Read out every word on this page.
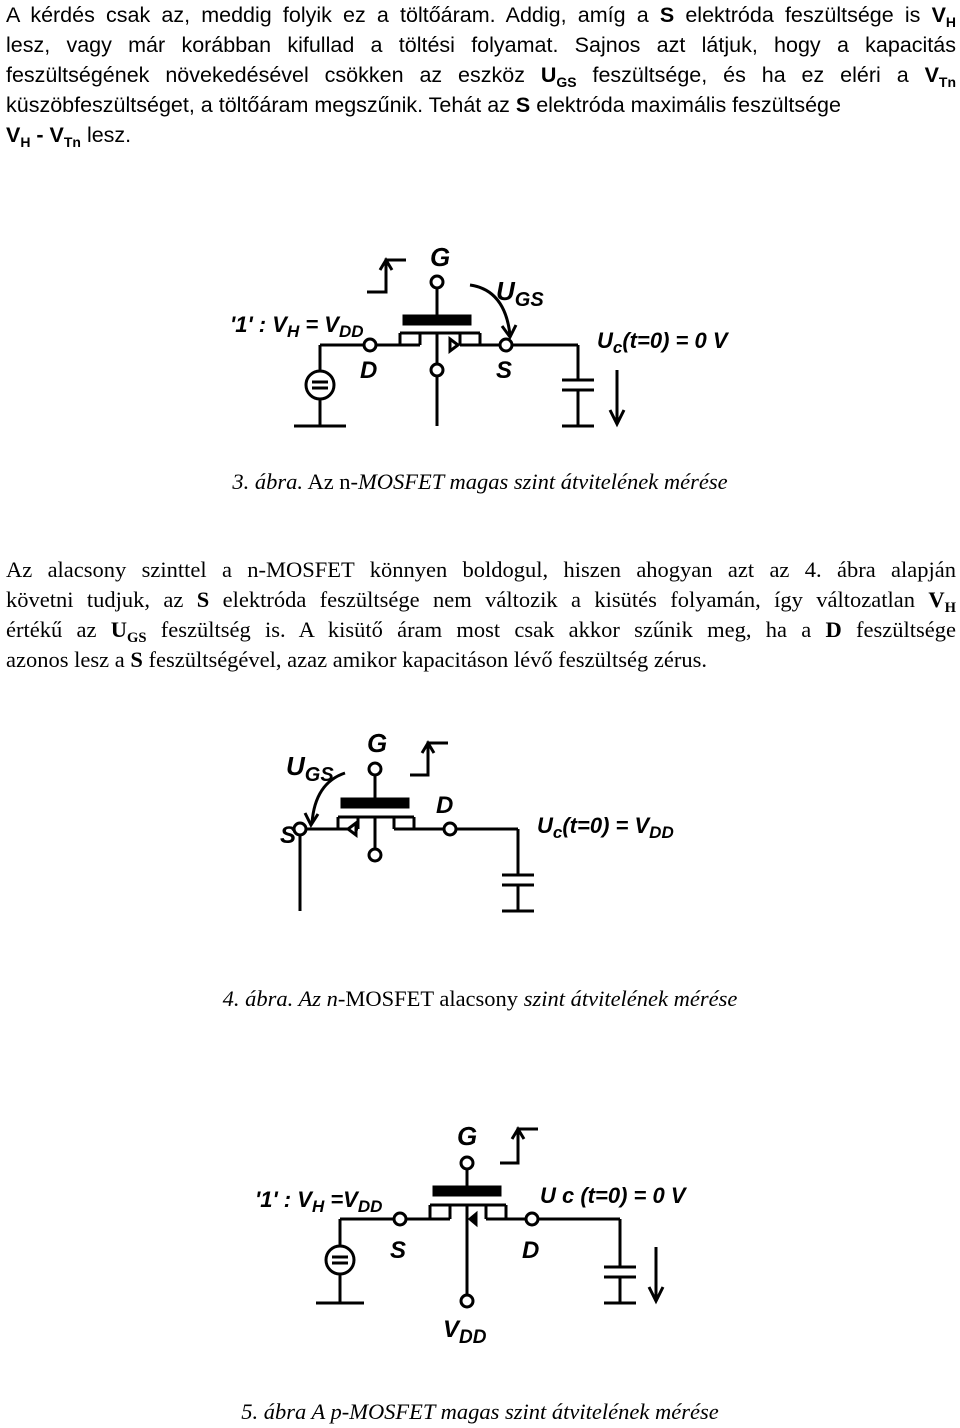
A kérdés csak az, meddig folyik ez a töltőáram. Addig, amíg a S elektróda feszültsége is $V_H$
lesz, vagy már korábban kifullad a töltési folyamat. Sajnos azt látjuk, hogy a kapacitás
feszültségének növekedésével csökken az eszköz $U_{GS}$ feszültsége, és ha ez eléri a $V_{Tn}$
küszöbfeszültséget, a töltőáram megszűnik. Tehát az S elektróda maximális feszültsége
$V_H - V_{Tn}$ lesz.
G
$U_{GS}$
'1' : $V_H = V_{DD}$
D	S
$U_c(t=0) = 0$ V
3. ábra. Az n-MOSFET magas szint átvitelének mérése
Az alacsony szinttel a n-MOSFET könnyen boldogul, hiszen ahogyan azt az 4. ábra alapján
követni tudjuk, az S elektróda feszültsége nem változik a kisütés folyamán, így változatlan $V_H$
értékű az $U_{GS}$ feszültség is. A kisütő áram most csak akkor szűnik meg, ha a D feszültsége
azonos lesz a S feszültségével, azaz amikor kapacitáson lévő feszültség zérus.
G
$U_{GS}$
S
D
$U_c(t=0) = V_{DD}$
4. ábra. Az n-MOSFET alacsony szint átvitelének mérése
G
'1' : $V_H =V_{DD}$	U c (t=0) = 0 V
S	D
$V_{DD}$
5. ábra A p-MOSFET magas szint átvitelének mérése
